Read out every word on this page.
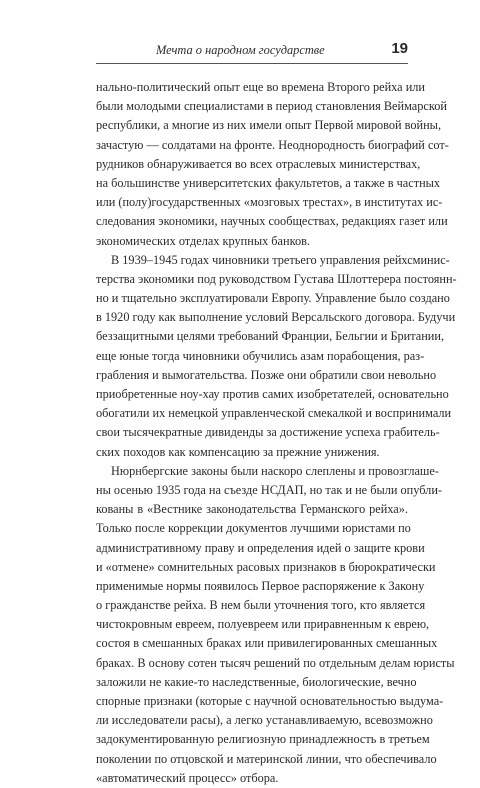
Мечта о народном государстве	19
нально-политический опыт еще во времена Второго рейха или
были молодыми специалистами в период становления Веймарской
республики, а многие из них имели опыт Первой мировой войны,
зачастую — солдатами на фронте. Неоднородность биографий сот-
рудников обнаруживается во всех отраслевых министерствах,
на большинстве университетских факультетов, а также в частных
или (полу)государственных «мозговых трестах», в институтах ис-
следования экономики, научных сообществах, редакциях газет или
экономических отделах крупных банков.
В 1939–1945 годах чиновники третьего управления рейхсминис-
терства экономики под руководством Густава Шлоттерера постоянн-
но и тщательно эксплуатировали Европу. Управление было создано
в 1920 году как выполнение условий Версальского договора. Будучи
беззащитными целями требований Франции, Бельгии и Британии,
еще юные тогда чиновники обучились азам порабощения, раз-
грабления и вымогательства. Позже они обратили свои невольно
приобретенные ноу-хау против самих изобретателей, основательно
обогатили их немецкой управленческой смекалкой и воспринимали
свои тысячекратные дивиденды за достижение успеха грабитель-
ских походов как компенсацию за прежние унижения.
Нюрнбергские законы были наскоро слеплены и провозглаше-
ны осенью 1935 года на съезде НСДАП, но так и не были опубли-
кованы в «Вестнике законодательства Германского рейха».
Только после коррекции документов лучшими юристами по
административному праву и определения идей о защите крови
и «отмене» сомнительных расовых признаков в бюрократически
применимые нормы появилось Первое распоряжение к Закону
о гражданстве рейха. В нем были уточнения того, кто является
чистокровным евреем, полуевреем или приравненным к еврею,
состоя в смешанных браках или привилегированных смешанных
браках. В основу сотен тысяч решений по отдельным делам юристы
заложили не какие-то наследственные, биологические, вечно
спорные признаки (которые с научной основательностью выдума-
ли исследователи расы), а легко устанавливаемую, всевозможно
задокументированную религиозную принадлежность в третьем
поколении по отцовской и материнской линии, что обеспечивало
«автоматический процесс» отбора.
